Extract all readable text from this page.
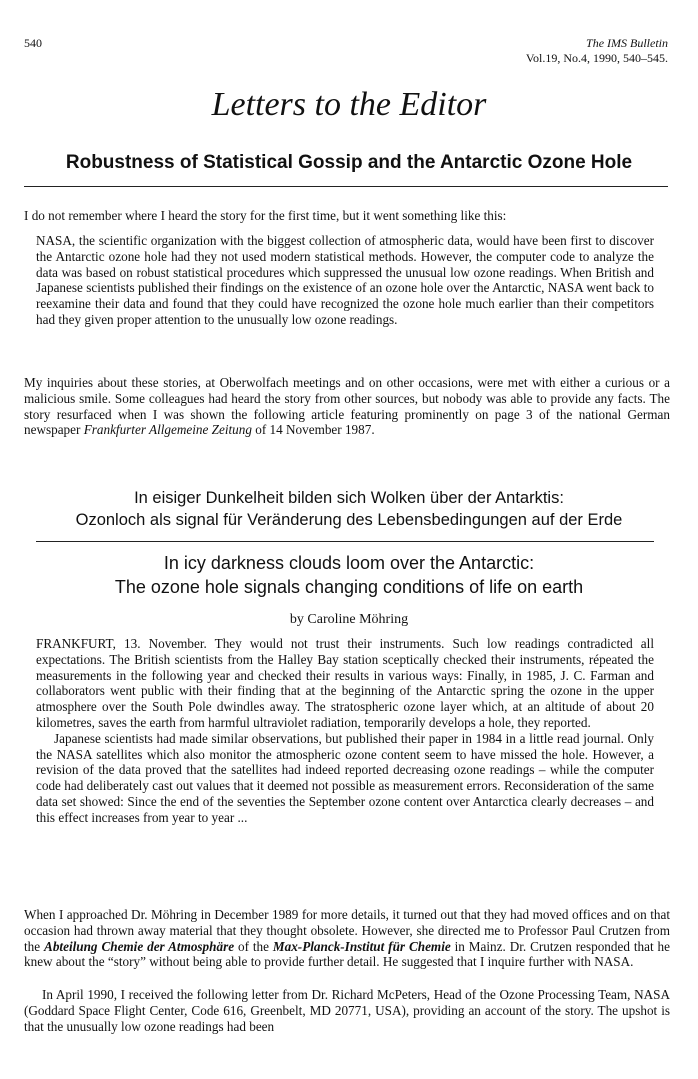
540	The IMS Bulletin
Vol.19, No.4, 1990, 540–545.
Letters to the Editor
Robustness of Statistical Gossip and the Antarctic Ozone Hole
I do not remember where I heard the story for the first time, but it went something like this:
NASA, the scientific organization with the biggest collection of atmospheric data, would have been first to discover the Antarctic ozone hole had they not used modern statistical methods. However, the computer code to analyze the data was based on robust statistical procedures which suppressed the unusual low ozone readings. When British and Japanese scientists published their findings on the existence of an ozone hole over the Antarctic, NASA went back to reexamine their data and found that they could have recognized the ozone hole much earlier than their competitors had they given proper attention to the unusually low ozone readings.
My inquiries about these stories, at Oberwolfach meetings and on other occasions, were met with either a curious or a malicious smile. Some colleagues had heard the story from other sources, but nobody was able to provide any facts. The story resurfaced when I was shown the following article featuring prominently on page 3 of the national German newspaper Frankfurter Allgemeine Zeitung of 14 November 1987.
In eisiger Dunkelheit bilden sich Wolken über der Antarktis:
Ozonloch als signal für Veränderung des Lebensbedingungen auf der Erde
In icy darkness clouds loom over the Antarctic:
The ozone hole signals changing conditions of life on earth
by Caroline Möhring

FRANKFURT, 13. November. They would not trust their instruments. Such low readings contradicted all expectations. The British scientists from the Halley Bay station sceptically checked their instruments, répeated the measurements in the following year and checked their results in various ways: Finally, in 1985, J. C. Farman and collaborators went public with their finding that at the beginning of the Antarctic spring the ozone in the upper atmosphere over the South Pole dwindles away. The stratospheric ozone layer which, at an altitude of about 20 kilometres, saves the earth from harmful ultraviolet radiation, temporarily develops a hole, they reported.

Japanese scientists had made similar observations, but published their paper in 1984 in a little read journal. Only the NASA satellites which also monitor the atmospheric ozone content seem to have missed the hole. However, a revision of the data proved that the satellites had indeed reported decreasing ozone readings – while the computer code had deliberately cast out values that it deemed not possible as measurement errors. Reconsideration of the same data set showed: Since the end of the seventies the September ozone content over Antarctica clearly decreases – and this effect increases from year to year ...

When I approached Dr. Möhring in December 1989 for more details, it turned out that they had moved offices and on that occasion had thrown away material that they thought obsolete. However, she directed me to Professor Paul Crutzen from the Abteilung Chemie der Atmosphäre of the Max-Planck-Institut für Chemie in Mainz. Dr. Crutzen responded that he knew about the “story” without being able to provide further detail. He suggested that I inquire further with NASA.
In April 1990, I received the following letter from Dr. Richard McPeters, Head of the Ozone Processing Team, NASA (Goddard Space Flight Center, Code 616, Greenbelt, MD 20771, USA), providing an account of the story. The upshot is that the unusually low ozone readings had been
